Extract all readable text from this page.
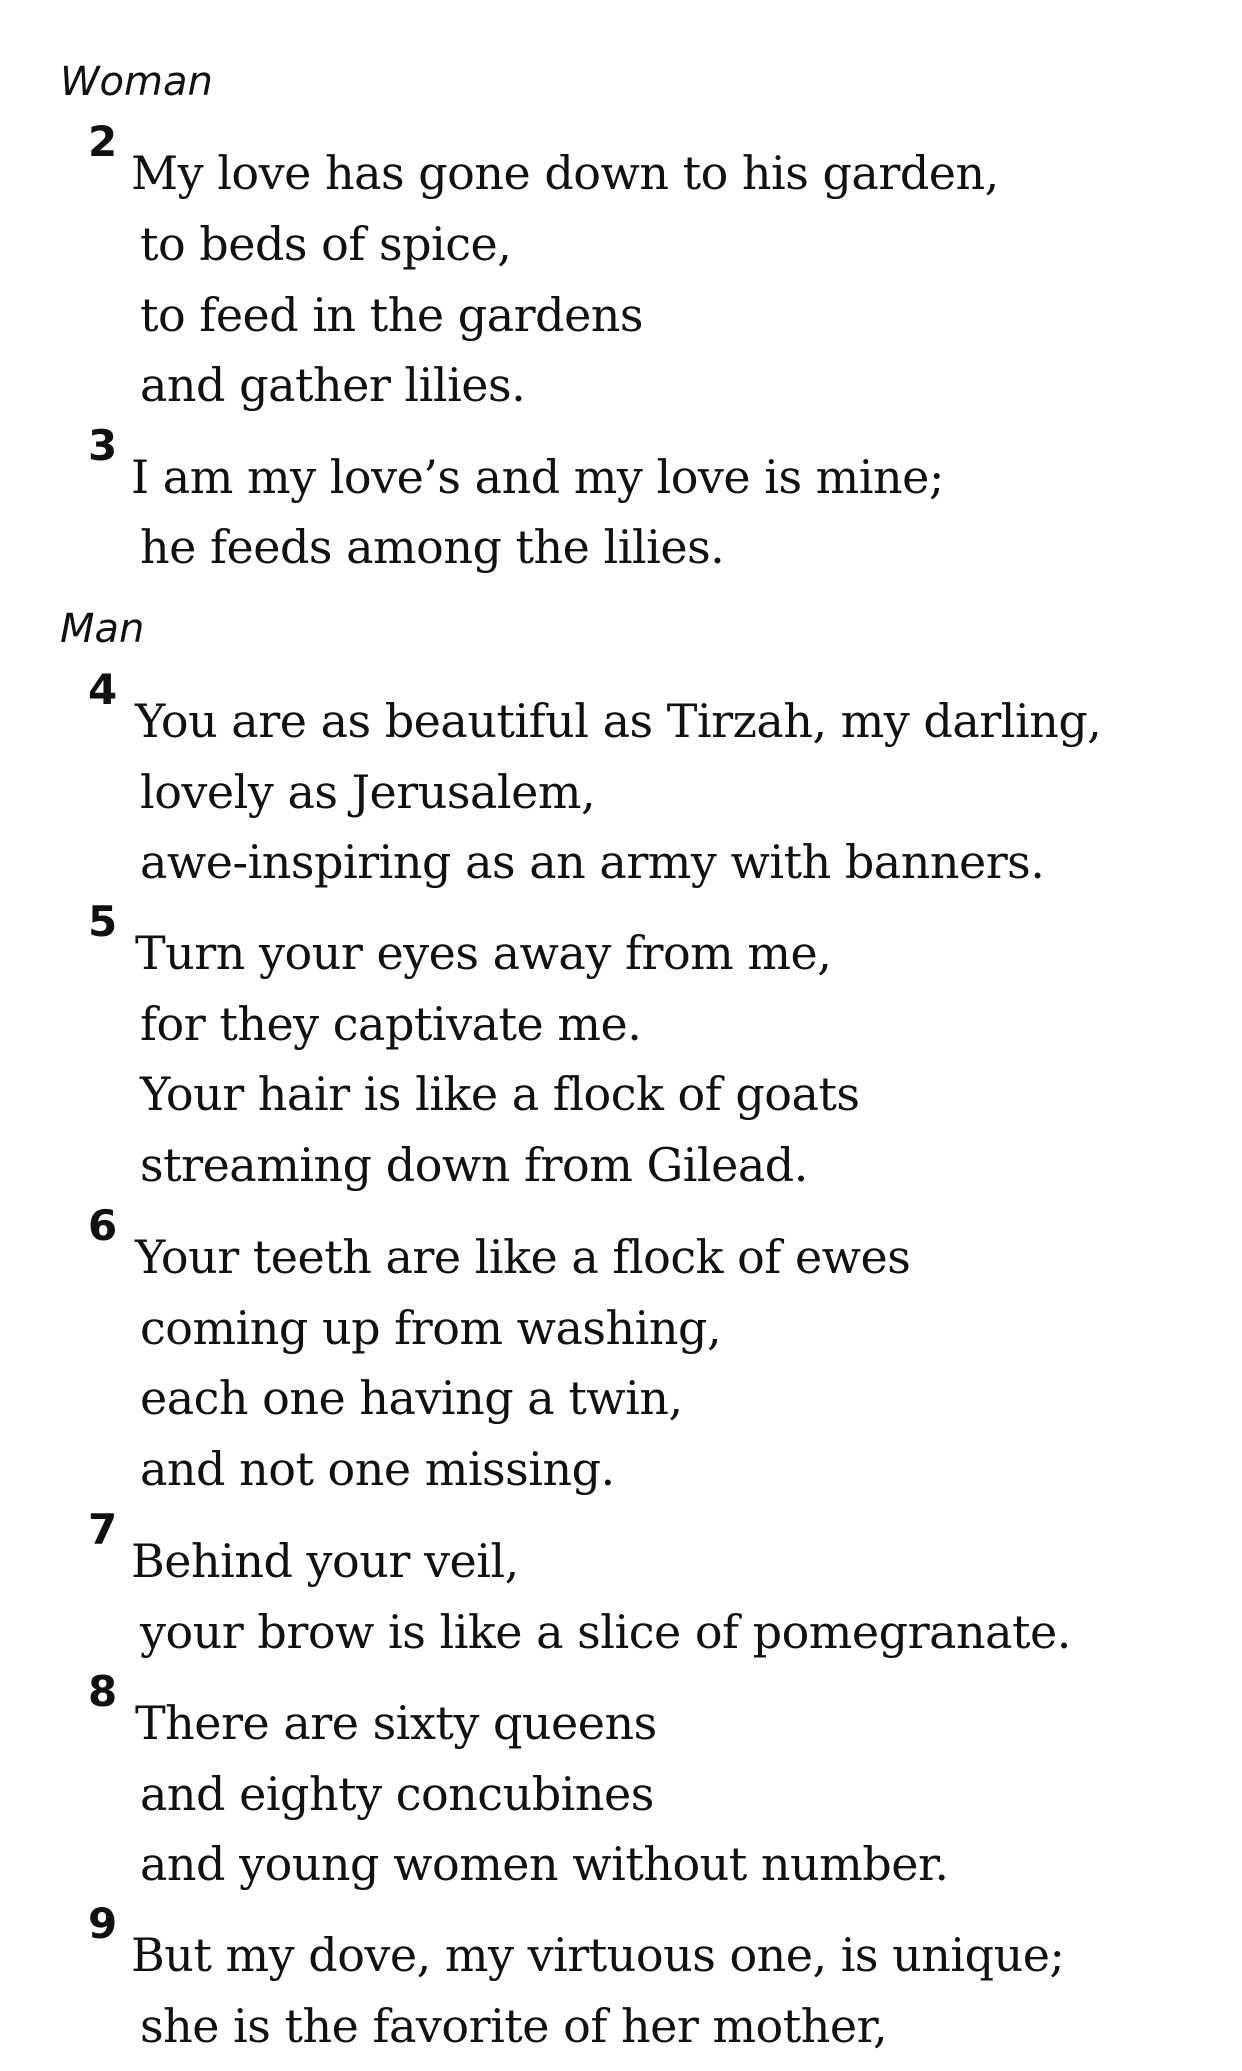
Woman
2
My love has gone down to his garden,
to beds of spice,
to feed in the gardens
and gather lilies.
3
I am my love’s and my love is mine;
he feeds among the lilies.
Man
4
You are as beautiful as Tirzah, my darling,
lovely as Jerusalem,
awe-inspiring as an army with banners.
5
Turn your eyes away from me,
for they captivate me.
Your hair is like a flock of goats
streaming down from Gilead.
6
Your teeth are like a flock of ewes
coming up from washing,
each one having a twin,
and not one missing.
7
Behind your veil,
your brow is like a slice of pomegranate.
8
There are sixty queens
and eighty concubines
and young women without number.
9
But my dove, my virtuous one, is unique;
she is the favorite of her mother,
